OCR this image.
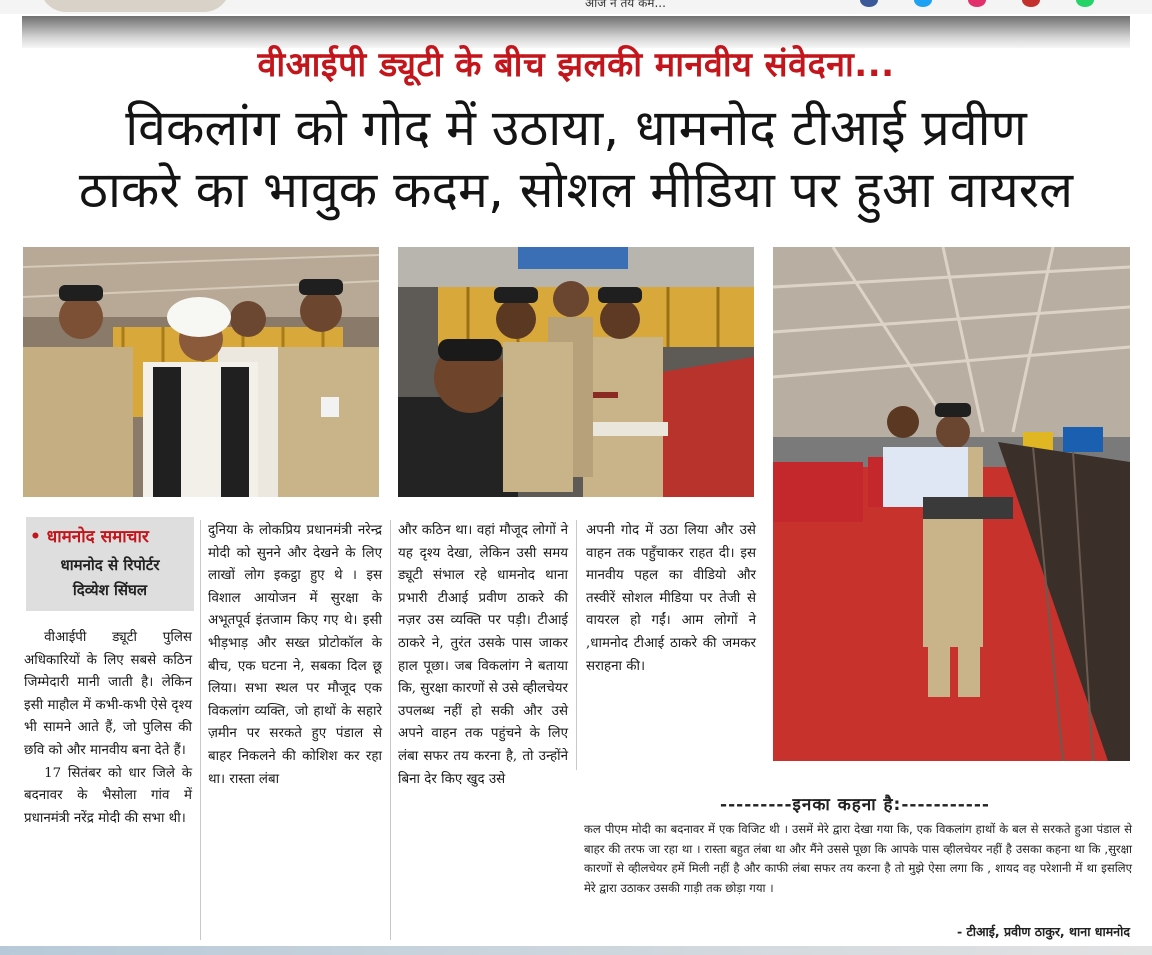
आज न तय कम...
वीआईपी ड्यूटी के बीच झलकी मानवीय संवेदना...
विकलांग को गोद में उठाया, धामनोद टीआई प्रवीण
ठाकरे का भावुक कदम, सोशल मीडिया पर हुआ वायरल
• धामनोद समाचार
धामनोद से रिपोर्टर
दिव्येश सिंघल

वीआईपी ड्यूटी पुलिस अधिकारियों के लिए सबसे कठिन जिम्मेदारी मानी जाती है। लेकिन इसी माहौल में कभी-कभी ऐसे दृश्य भी सामने आते हैं, जो पुलिस की छवि को और मानवीय बना देते हैं।

17 सितंबर को धार जिले के बदनावर के भैसोला गांव में प्रधानमंत्री नरेंद्र मोदी की सभा थी।

दुनिया के लोकप्रिय प्रधानमंत्री नरेन्द्र मोदी को सुनने और देखने के लिए लाखों लोग इकट्ठा हुए थे । इस विशाल आयोजन में सुरक्षा के अभूतपूर्व इंतजाम किए गए थे। इसी भीड़भाड़ और सख्त प्रोटोकॉल के बीच, एक घटना ने, सबका दिल छू लिया। सभा स्थल पर मौजूद एक विकलांग व्यक्ति, जो हाथों के सहारे ज़मीन पर सरकते हुए पंडाल से बाहर निकलने की कोशिश कर रहा था। रास्ता लंबा
और कठिन था। वहां मौजूद लोगों ने यह दृश्य देखा, लेकिन उसी समय ड्यूटी संभाल रहे धामनोद थाना प्रभारी टीआई प्रवीण ठाकरे की नज़र उस व्यक्ति पर पड़ी। टीआई ठाकरे ने, तुरंत उसके पास जाकर हाल पूछा। जब विकलांग ने बताया कि, सुरक्षा कारणों से उसे व्हीलचेयर उपलब्ध नहीं हो सकी और उसे अपने वाहन तक पहुंचने के लिए लंबा सफर तय करना है, तो उन्होंने बिना देर किए खुद उसे
अपनी गोद में उठा लिया और उसे वाहन तक पहुँचाकर राहत दी। इस मानवीय पहल का वीडियो और तस्वीरें सोशल मीडिया पर तेजी से वायरल हो गईं। आम लोगों ने ,धामनोद टीआई ठाकरे की जमकर सराहना की।
---------इनका कहना है:-----------
कल पीएम मोदी का बदनावर में एक विजिट थी । उसमें मेरे द्वारा देखा गया कि, एक विकलांग हाथों के बल से सरकते हुआ पंडाल से बाहर की तरफ जा रहा था । रास्ता बहुत लंबा था और मैंने उससे पूछा कि आपके पास व्हीलचेयर नहीं है उसका कहना था कि ,सुरक्षा कारणों से व्हीलचेयर हमें मिली नहीं है और काफी लंबा सफर तय करना है तो मुझे ऐसा लगा कि , शायद वह परेशानी में था इसलिए मेरे द्वारा उठाकर उसकी गाड़ी तक छोड़ा गया ।
- टीआई, प्रवीण ठाकुर, थाना धामनोद
